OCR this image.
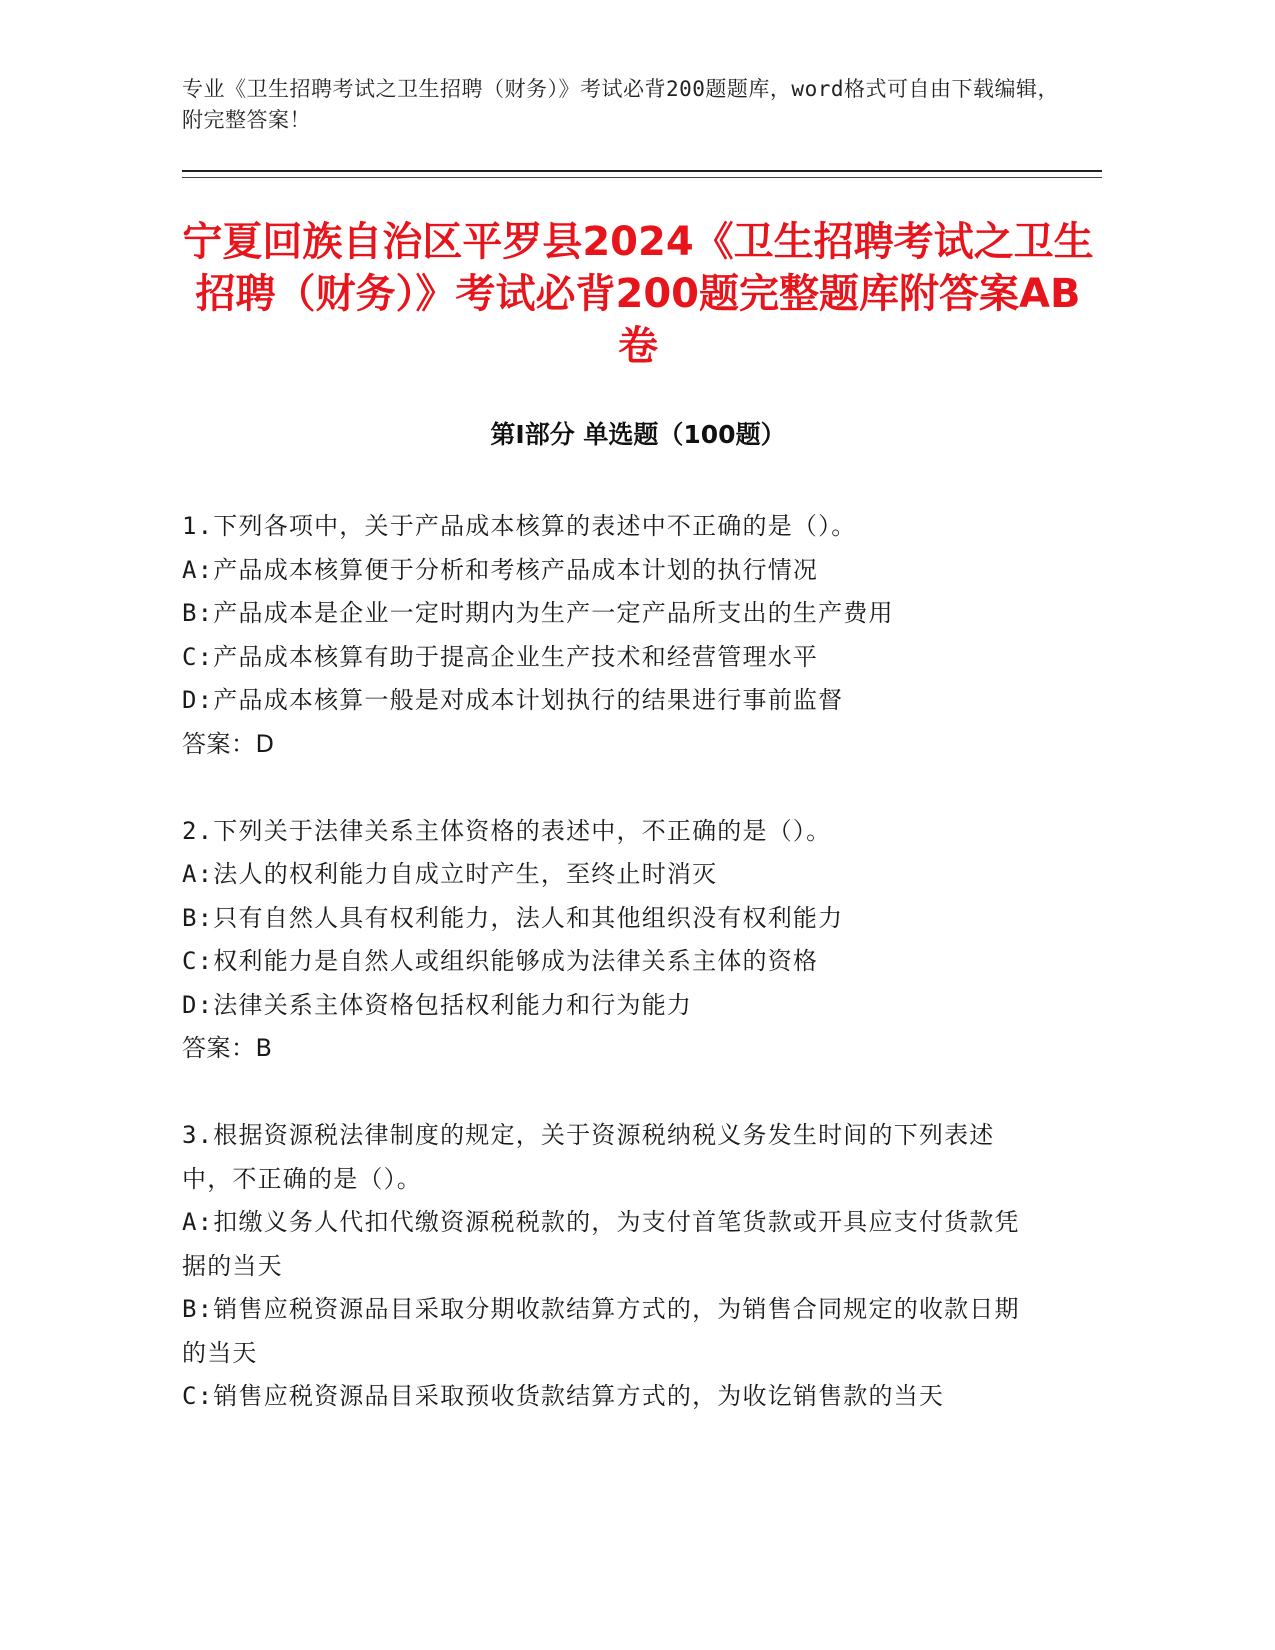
专业《卫生招聘考试之卫生招聘（财务）》考试必背200题题库，word格式可自由下载编辑，附完整答案！
宁夏回族自治区平罗县2024《卫生招聘考试之卫生招聘（财务）》考试必背200题完整题库附答案AB卷
第Ⅰ部分 单选题（100题）

1.下列各项中，关于产品成本核算的表述中不正确的是（）。

A:产品成本核算便于分析和考核产品成本计划的执行情况

B:产品成本是企业一定时期内为生产一定产品所支出的生产费用

C:产品成本核算有助于提高企业生产技术和经营管理水平

D:产品成本核算一般是对成本计划执行的结果进行事前监督

答案：D

2.下列关于法律关系主体资格的表述中，不正确的是（）。

A:法人的权利能力自成立时产生，至终止时消灭

B:只有自然人具有权利能力，法人和其他组织没有权利能力

C:权利能力是自然人或组织能够成为法律关系主体的资格

D:法律关系主体资格包括权利能力和行为能力

答案：B

3.根据资源税法律制度的规定，关于资源税纳税义务发生时间的下列表述中，不正确的是（）。

A:扣缴义务人代扣代缴资源税税款的，为支付首笔货款或开具应支付货款凭据的当天

B:销售应税资源品目采取分期收款结算方式的，为销售合同规定的收款日期的当天

C:销售应税资源品目采取预收货款结算方式的，为收讫销售款的当天
